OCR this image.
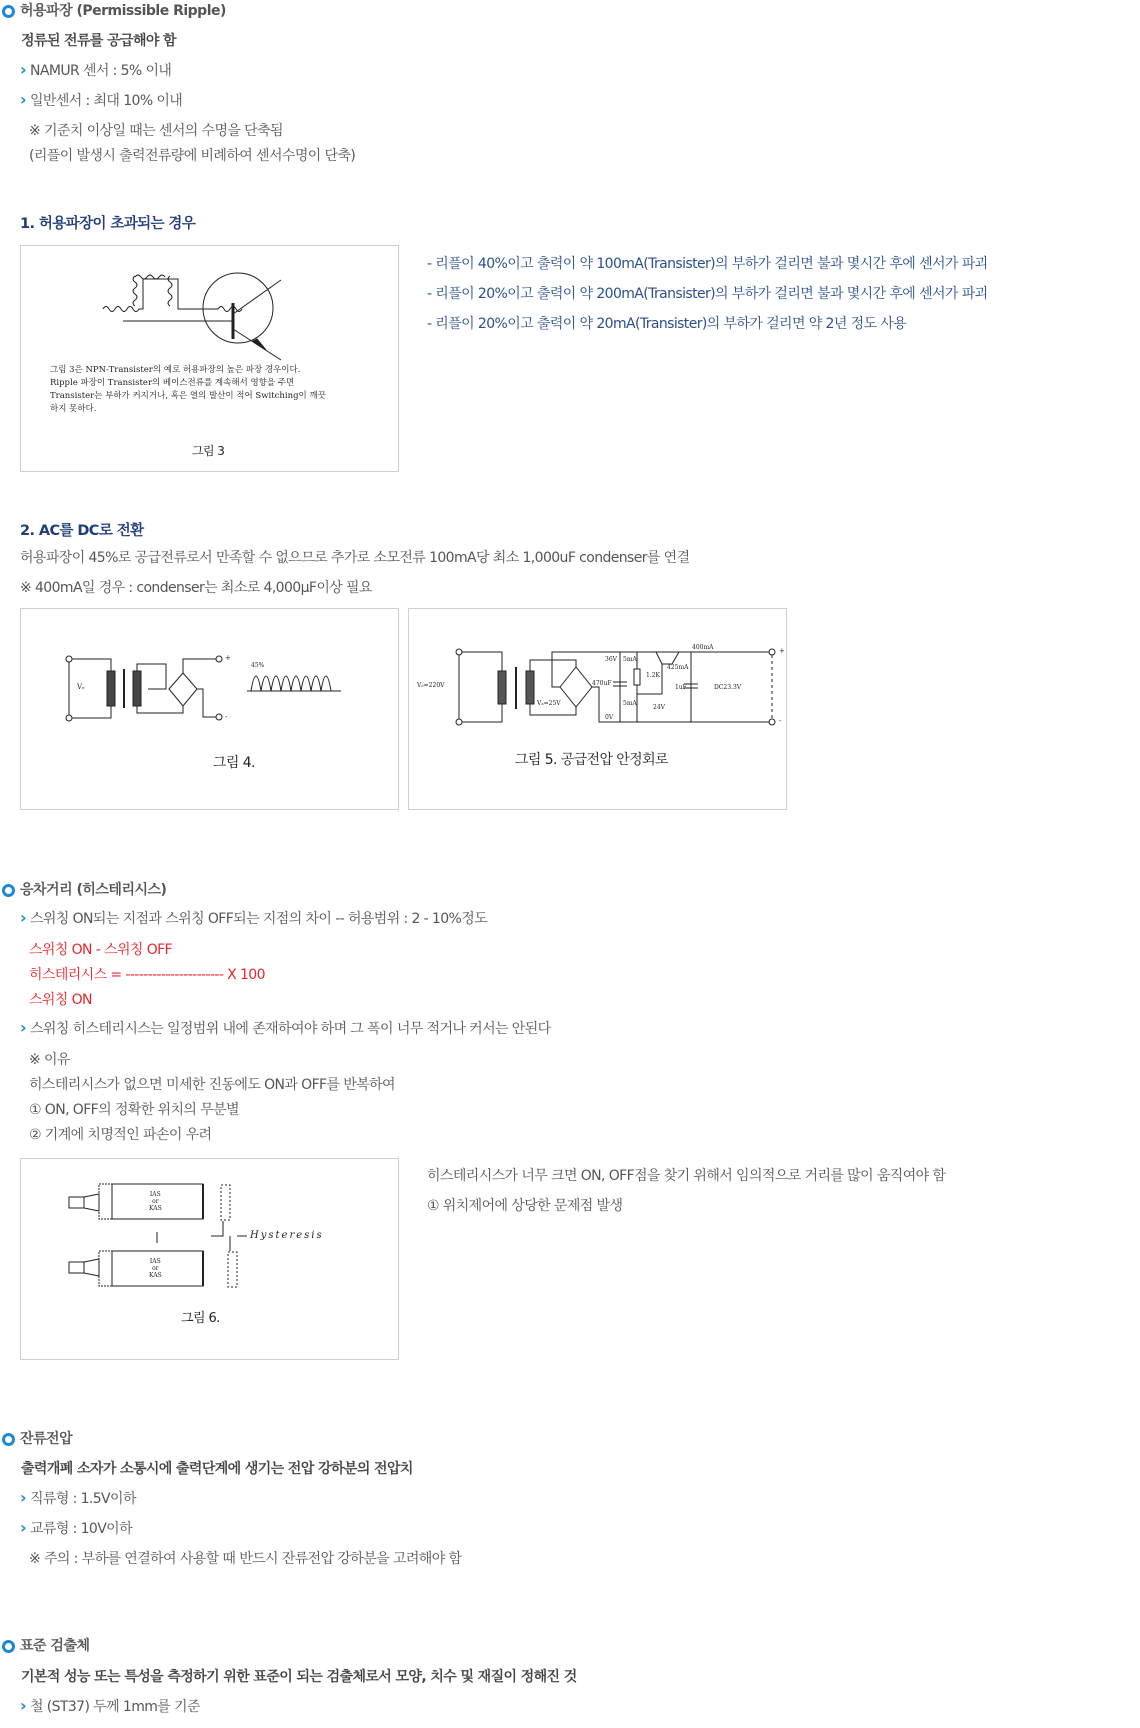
허용파장 (Permissible Ripple)
정류된 전류를 공급해야 함
› NAMUR 센서 : 5% 이내
› 일반센서 : 최대 10% 이내
※ 기준치 이상일 때는 센서의 수명을 단축됨
(리플이 발생시 출력전류량에 비례하여 센서수명이 단축)
1. 허용파장이 초과되는 경우
그림 3은 NPN-Transister의 예로 허용파장의 높은 파장 경우이다.
Ripple 파장이 Transister의 베이스전류를 계속해서 영향을 주면
Transister는 부하가 커지거나, 혹은 열의 발산이 적어 Switching이 깨끗
하지 못하다.
그림 3
- 리플이 40%이고 출력이 약 100mA(Transister)의 부하가 걸리면 불과 몇시간 후에 센서가 파괴
- 리플이 20%이고 출력이 약 200mA(Transister)의 부하가 걸리면 불과 몇시간 후에 센서가 파괴
- 리플이 20%이고 출력이 약 20mA(Transister)의 부하가 걸리면 약 2년 정도 사용
2. AC를 DC로 전환
허용파장이 45%로 공급전류로서 만족할 수 없으므로 추가로 소모전류 100mA당 최소 1,000uF condenser를 연결
※ 400mA일 경우 : condenser는 최소로 4,000µF이상 필요
Vₑ
45%
+
-
그림 4.
Vₑ=220V
Vₐ=25V
36V 5mA
1.2K
425mA
470uF
1uF
400mA
DC23.3V
5mA
24V
0V
+
-
그림 5. 공급전압 안정회로
응차거리 (히스테리시스)
› 스위칭 ON되는 지점과 스위칭 OFF되는 지점의 차이 -- 허용범위 : 2 - 10%정도
스위칭 ON - 스위칭 OFF
히스테리시스 = ---------------------- X 100
스위칭 ON
› 스위칭 히스테리시스는 일정범위 내에 존재하여야 하며 그 폭이 너무 적거나 커서는 안된다
※ 이유
히스테리시스가 없으면 미세한 진동에도 ON과 OFF를 반복하여
① ON, OFF의 정확한 위치의 무분별
② 기계에 치명적인 파손이 우려
IAS
or
KAS
IAS
or
KAS
Hysteresis
그림 6.
히스테리시스가 너무 크면 ON, OFF점을 찾기 위해서 임의적으로 거리를 많이 움직여야 함
① 위치제어에 상당한 문제점 발생
잔류전압
출력개폐 소자가 소통시에 출력단계에 생기는 전압 강하분의 전압치
› 직류형 : 1.5V이하
› 교류형 : 10V이하
※ 주의 : 부하를 연결하여 사용할 때 반드시 잔류전압 강하분을 고려해야 함
표준 검출체
기본적 성능 또는 특성을 측정하기 위한 표준이 되는 검출체로서 모양, 치수 및 재질이 정해진 것
› 철 (ST37) 두께 1mm를 기준
